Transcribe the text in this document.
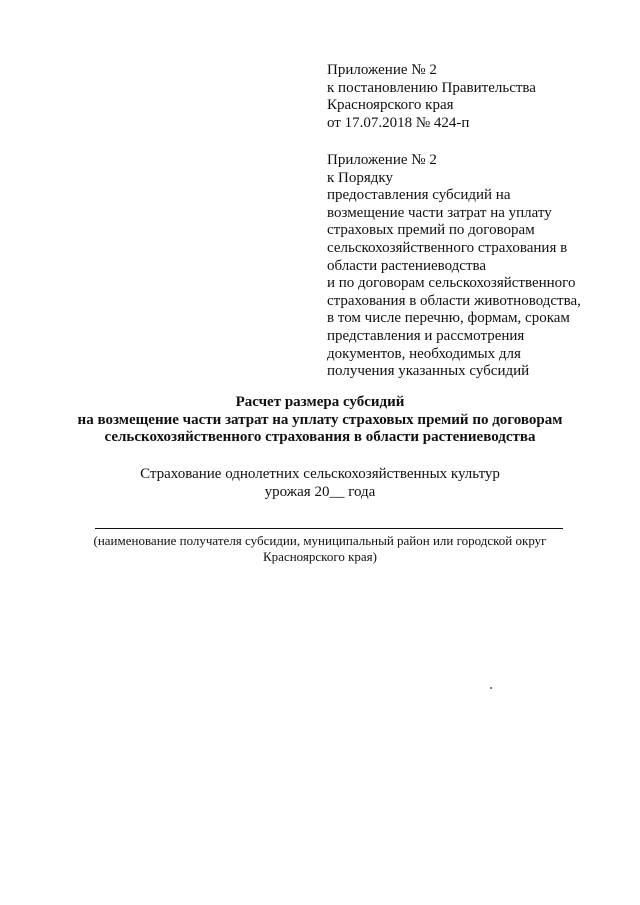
Приложение № 2
к постановлению Правительства
Красноярского края
от 17.07.2018 № 424-п
Приложение № 2
к Порядку
предоставления субсидий на
возмещение части затрат на уплату
страховых премий по договорам
сельскохозяйственного страхования в
области растениеводства
и по договорам сельскохозяйственного
страхования в области животноводства,
в том числе перечню, формам, срокам
представления и рассмотрения
документов, необходимых для
получения указанных субсидий
Расчет размера субсидий
на возмещение части затрат на уплату страховых премий по договорам
сельскохозяйственного страхования в области растениеводства
Страхование однолетних сельскохозяйственных культур
урожая 20__ года
(наименование получателя субсидии, муниципальный район или городской округ
Красноярского края)
